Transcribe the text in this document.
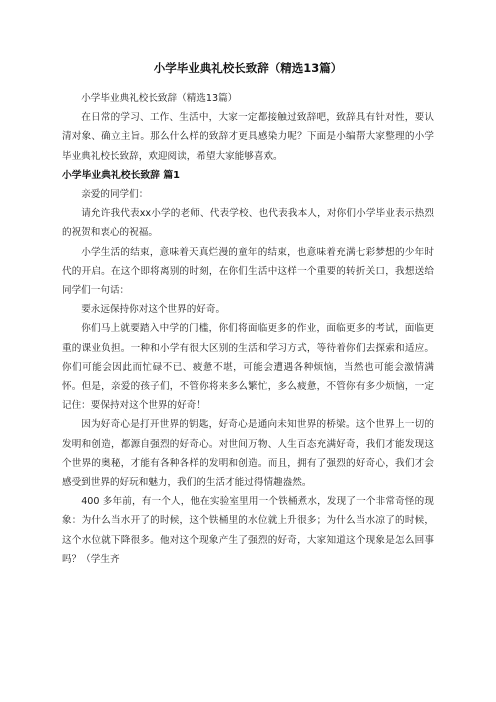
小学毕业典礼校长致辞（精选13篇）
小学毕业典礼校长致辞（精选13篇）
在日常的学习、工作、生活中，大家一定都接触过致辞吧，致辞具有针对性，要认清对象、确立主旨。那么什么样的致辞才更具感染力呢？下面是小编帮大家整理的小学毕业典礼校长致辞，欢迎阅读，希望大家能够喜欢。
小学毕业典礼校长致辞 篇1
亲爱的同学们：
请允许我代表xx小学的老师、代表学校、也代表我本人，对你们小学毕业表示热烈的祝贺和衷心的祝福。
小学生活的结束，意味着天真烂漫的童年的结束，也意味着充满七彩梦想的少年时代的开启。在这个即将离别的时刻，在你们生活中这样一个重要的转折关口，我想送给同学们一句话：
要永远保持你对这个世界的好奇。
你们马上就要踏入中学的门槛，你们将面临更多的作业，面临更多的考试，面临更重的课业负担。一种和小学有很大区别的生活和学习方式，等待着你们去探索和适应。你们可能会因此而忙碌不已、疲惫不堪，可能会遭遇各种烦恼，当然也可能会激情满怀。但是，亲爱的孩子们，不管你将来多么繁忙，多么疲惫，不管你有多少烦恼，一定记住：要保持对这个世界的好奇！
因为好奇心是打开世界的钥匙，好奇心是通向未知世界的桥梁。这个世界上一切的发明和创造，都源自强烈的好奇心。对世间万物、人生百态充满好奇，我们才能发现这个世界的奥秘，才能有各种各样的发明和创造。而且，拥有了强烈的好奇心，我们才会感受到世界的好玩和魅力，我们的生活才能过得情趣盎然。
400 多年前，有一个人，他在实验室里用一个铁桶煮水，发现了一个非常奇怪的现象：为什么当水开了的时候，这个铁桶里的水位就上升很多；为什么当水凉了的时候，这个水位就下降很多。他对这个现象产生了强烈的好奇，大家知道这个现象是怎么回事吗？（学生齐
